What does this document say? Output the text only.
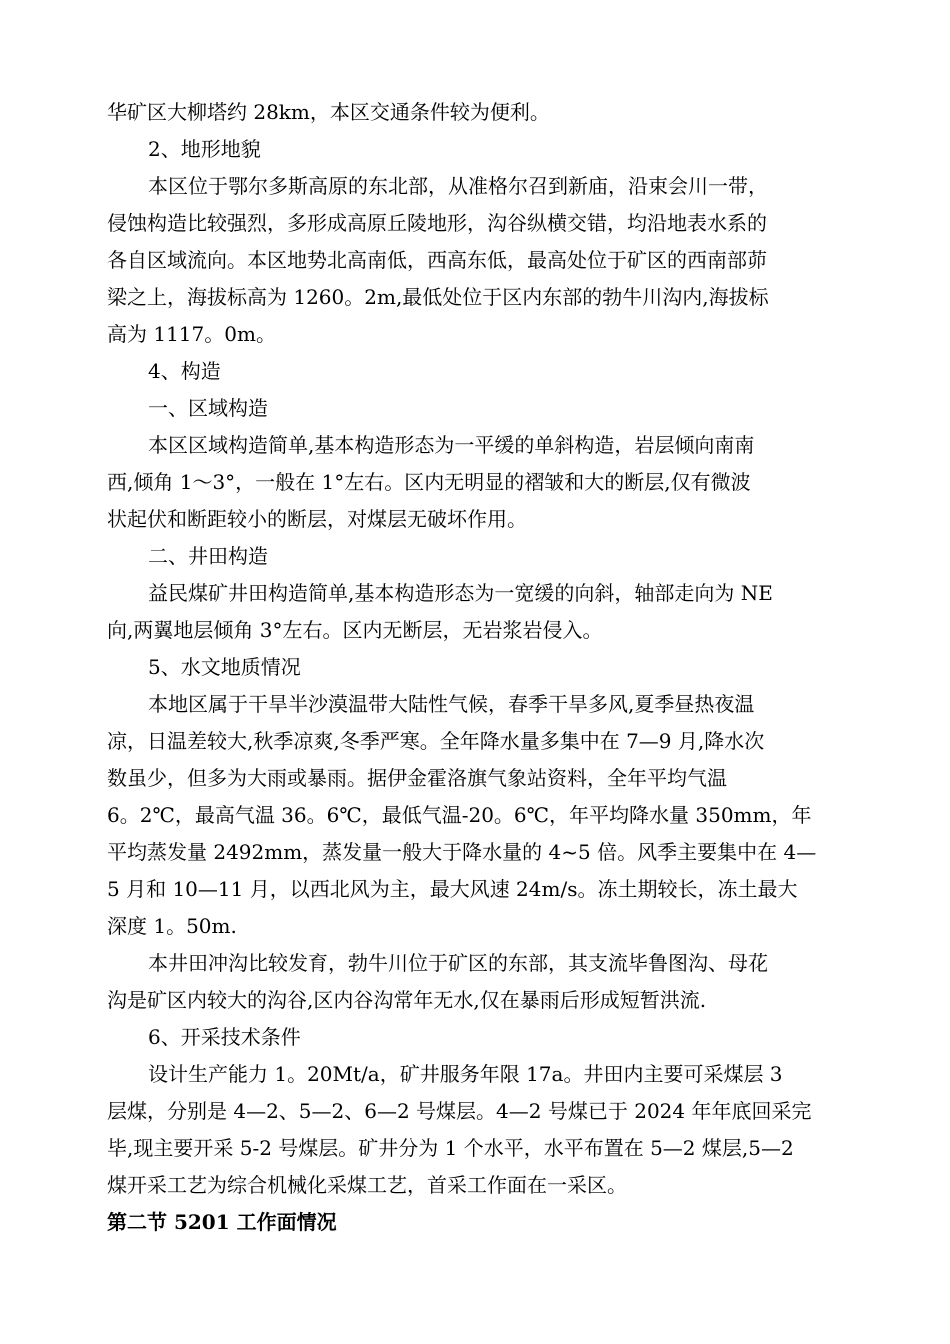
华矿区大柳塔约 28km，本区交通条件较为便利。
2、地形地貌
本区位于鄂尔多斯高原的东北部，从准格尔召到新庙，沿束会川一带，
侵蚀构造比较强烈，多形成高原丘陵地形，沟谷纵横交错，均沿地表水系的
各自区域流向。本区地势北高南低，西高东低，最高处位于矿区的西南部茆
梁之上，海拔标高为 1260。2m,最低处位于区内东部的勃牛川沟内,海拔标
高为 1117。0m。
4、构造
一、区域构造
本区区域构造简单,基本构造形态为一平缓的单斜构造，岩层倾向南南
西,倾角 1～3°，一般在 1°左右。区内无明显的褶皱和大的断层,仅有微波
状起伏和断距较小的断层，对煤层无破坏作用。
二、井田构造
益民煤矿井田构造简单,基本构造形态为一宽缓的向斜，轴部走向为 NE
向,两翼地层倾角 3°左右。区内无断层，无岩浆岩侵入。
5、水文地质情况
本地区属于干旱半沙漠温带大陆性气候，春季干旱多风,夏季昼热夜温
凉，日温差较大,秋季凉爽,冬季严寒。全年降水量多集中在 7—9 月,降水次
数虽少，但多为大雨或暴雨。据伊金霍洛旗气象站资料，全年平均气温
6。2℃，最高气温 36。6℃，最低气温-20。6℃，年平均降水量 350mm，年
平均蒸发量 2492mm，蒸发量一般大于降水量的 4~5 倍。风季主要集中在 4—
5 月和 10—11 月，以西北风为主，最大风速 24m/s。冻土期较长，冻土最大
深度 1。50m.
本井田冲沟比较发育，勃牛川位于矿区的东部，其支流毕鲁图沟、母花
沟是矿区内较大的沟谷,区内谷沟常年无水,仅在暴雨后形成短暂洪流.
6、开采技术条件
设计生产能力 1。20Mt/a，矿井服务年限 17a。井田内主要可采煤层 3
层煤，分别是 4—2、5—2、6—2 号煤层。4—2 号煤已于 2024 年年底回采完
毕,现主要开采 5-2 号煤层。矿井分为 1 个水平，水平布置在 5—2 煤层,5—2
煤开采工艺为综合机械化采煤工艺，首采工作面在一采区。
第二节 5201 工作面情况
